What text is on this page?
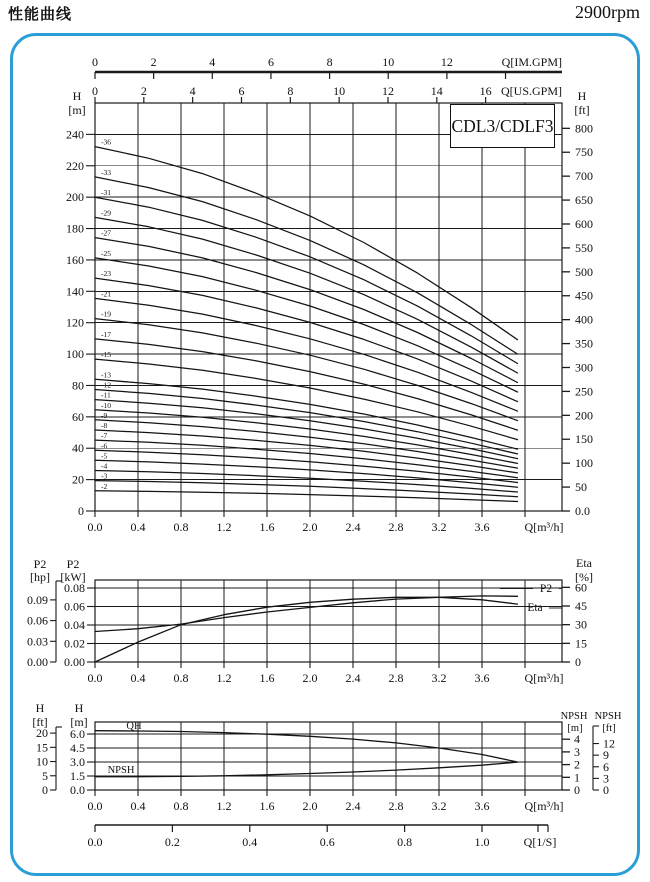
性能曲线	2900rpm
0
20
40
60
80
100
120
140
160
180
200
220
240
H
[m]
0.0
50
100
150
200
250
300
350
400
450
500
550
600
650
700
750
800
H
[ft]
0.0 0.4 0.8 1.2 1.6 2.0 2.4 2.8 3.2 3.6	Q[m³/h]
0	2	4	6	8	10	12	Q[IM.GPM]
0	2	4	6	8	10	12	14	16 Q[US.GPM]
-2
-3
-4
-5
-6
-7
-8
-9
-10
-11
-12
-13
-15
-17
-19
-21
-23
-25
-27
-29
-31
-33
-36
0.00
0.03
0.06
0.09
P2
[hp]
0.00
0.02
0.04
0.06
0.08
P2
[kW]
0
15
30
45
60
Eta
[%]
0.0 0.4 0.8 1.2 1.6 2.0 2.4 2.8 3.2 3.6	Q[m³/h]
P2
Eta
0
5
10
15
20
H
[ft]
0.0
1.5
3.0
4.5
6.0
H
[m]
0
1
2
3
4
NPSH
[m]
0
3
6
9
12
NPSH
[ft]
0.0 0.4 0.8 1.2 1.6 2.0 2.4 2.8 3.2 3.6	Q[m³/h]
QH
NPSH
0.0	0.2	0.4	0.6	0.8	1.0	Q[1/S]
CDL3/CDLF3
